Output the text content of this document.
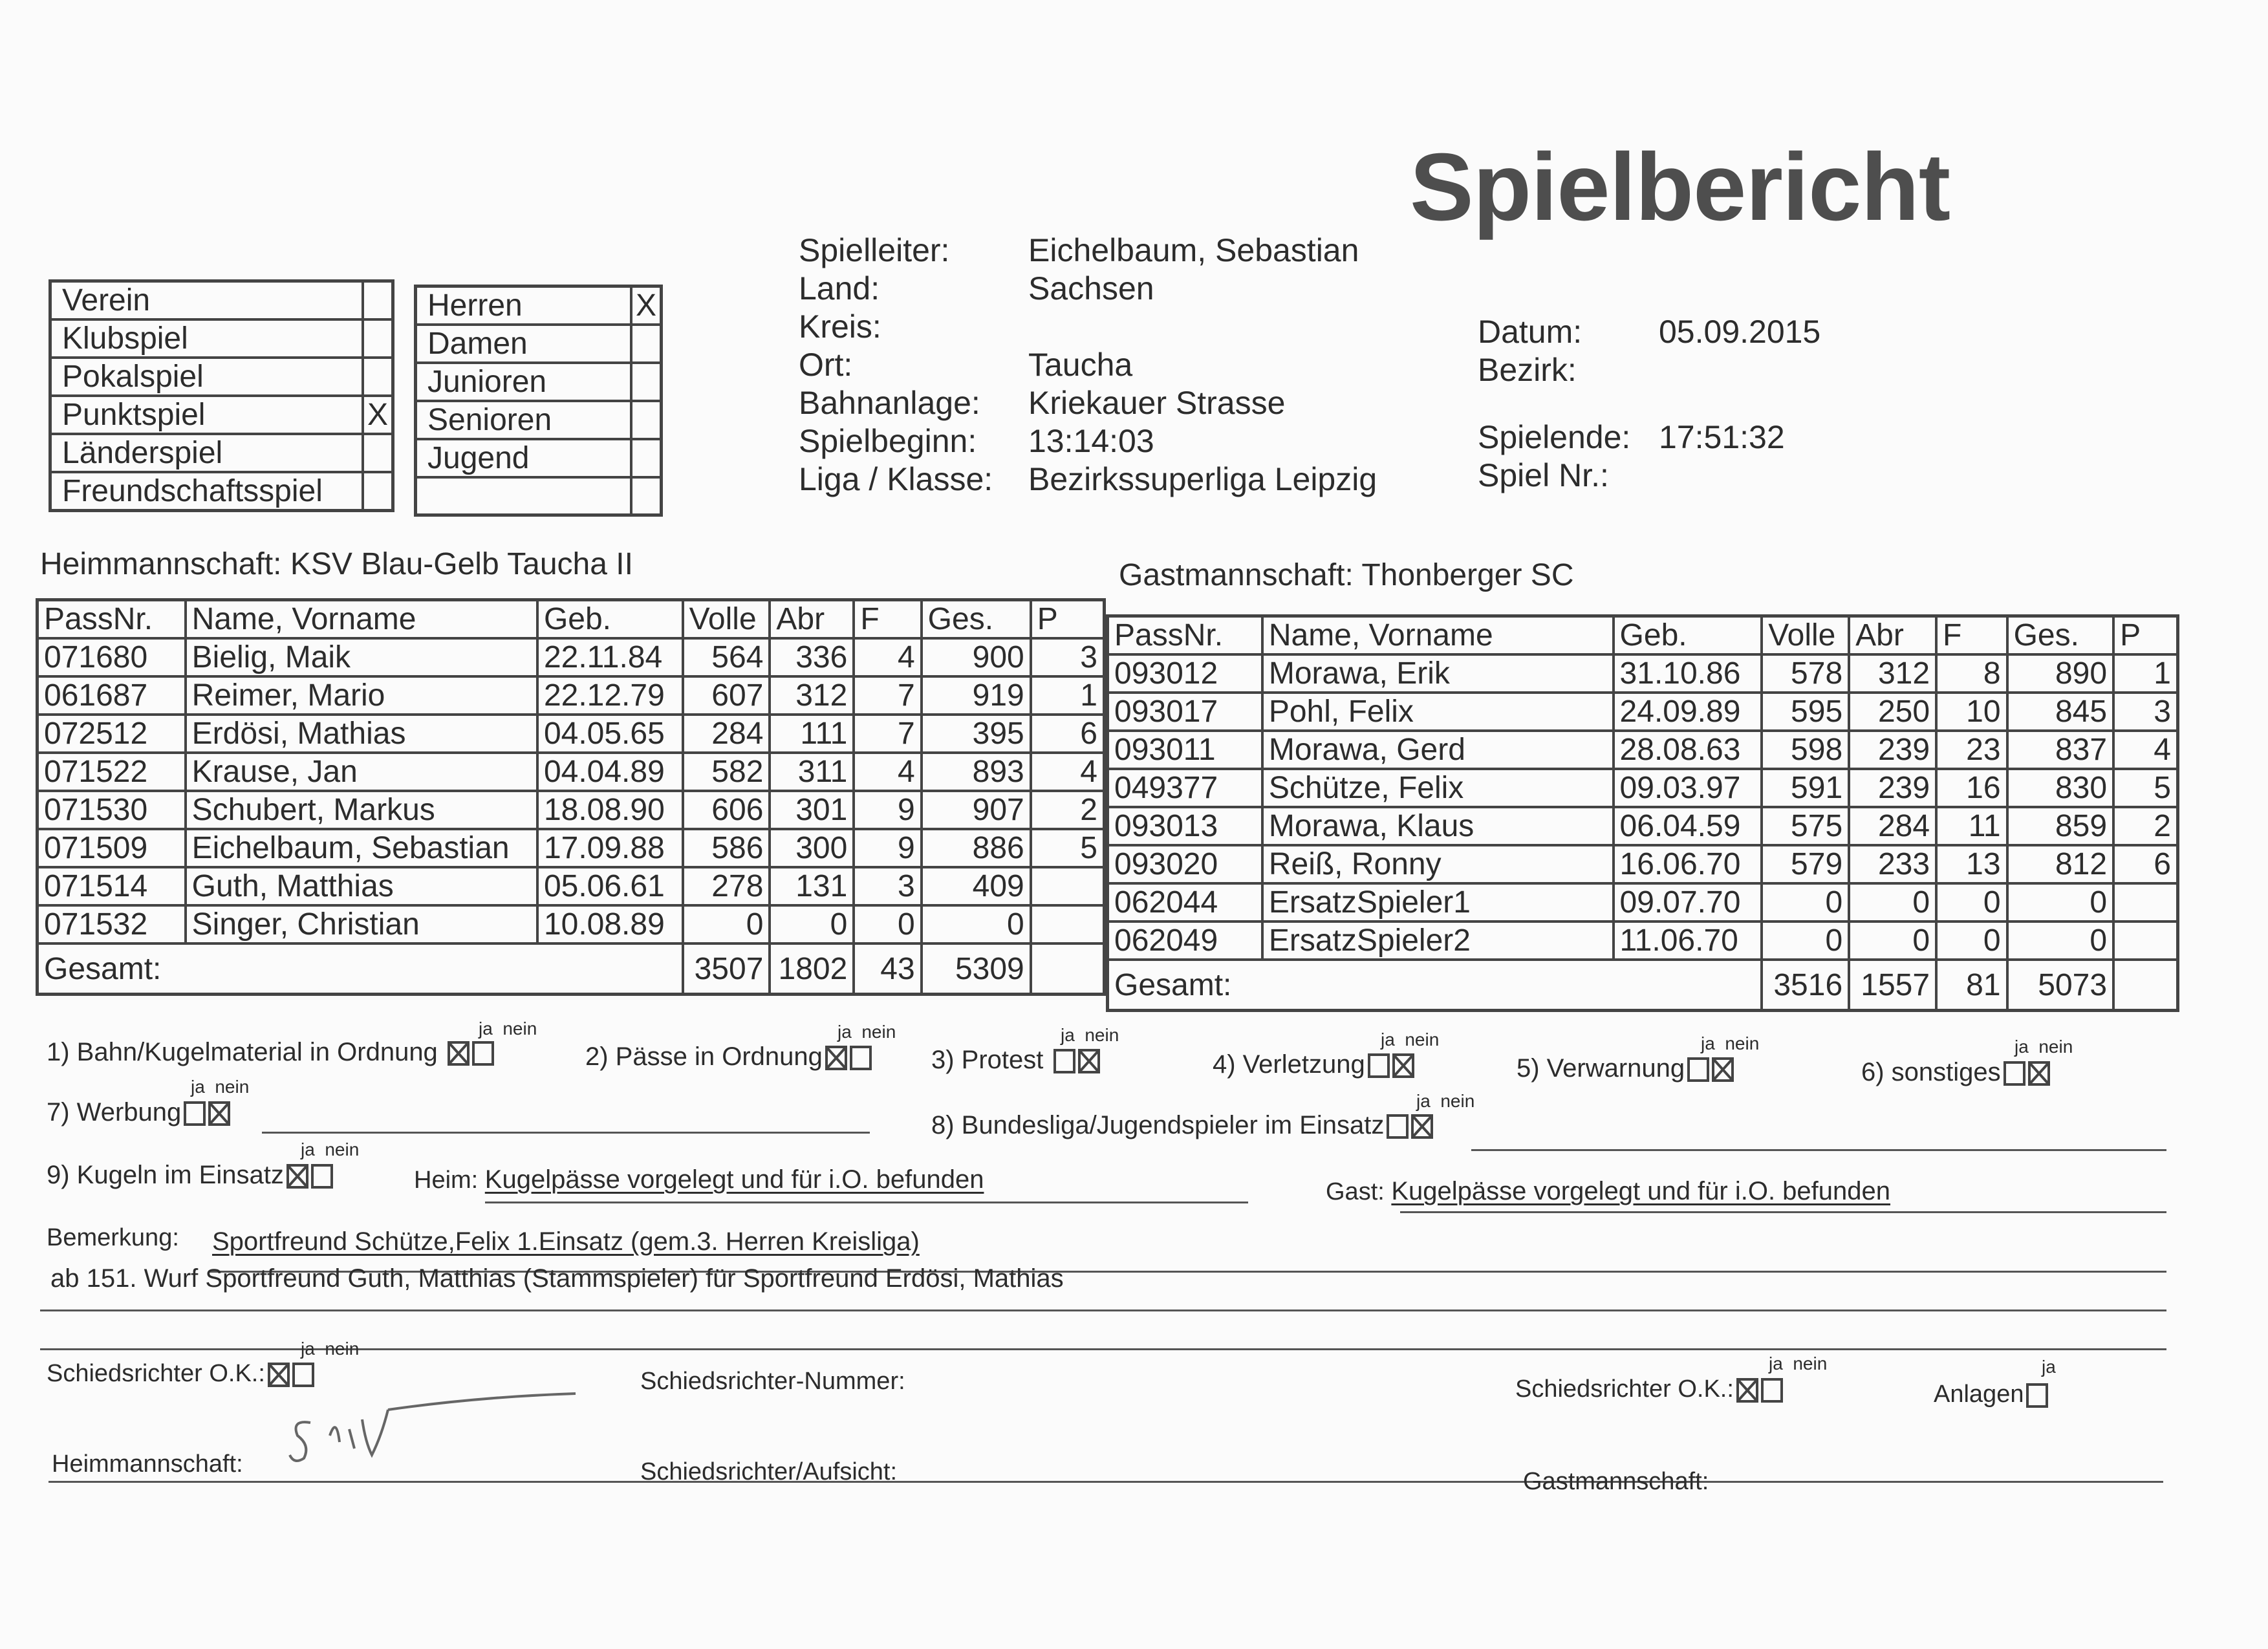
Spielbericht
Verein	
Klubspiel	
Pokalspiel	
Punktspiel	X
Länderspiel	
Freundschaftsspiel	
Herren	X
Damen	
Junioren	
Senioren	
Jugend	

Spielleiter:	Eichelbaum, Sebastian
Land:	Sachsen
Kreis:
Ort:	Taucha
Bahnanlage:	Kriekauer Strasse
Spielbeginn:	13:14:03
Liga / Klasse:	Bezirkssuperliga Leipzig
Datum:	05.09.2015
Bezirk:
Spielende: 17:51:32
Spiel Nr.:
Heimmannschaft: KSV Blau-Gelb Taucha II	Gastmannschaft: Thonberger SC
PassNr.	Name, Vorname	Geb.	Volle	Abr	F	Ges.	P
071680	Bielig, Maik	22.11.84	564	336	4	900	3
061687	Reimer, Mario	22.12.79	607	312	7	919	1
072512	Erdösi, Mathias	04.05.65	284	111	7	395	6
071522	Krause, Jan	04.04.89	582	311	4	893	4
071530	Schubert, Markus	18.08.90	606	301	9	907	2
071509	Eichelbaum, Sebastian	17.09.88	586	300	9	886	5
071514	Guth, Matthias	05.06.61	278	131	3	409	
071532	Singer, Christian	10.08.89	0	0	0	0	
Gesamt:			3507	1802	43	5309	
PassNr.	Name, Vorname	Geb.	Volle	Abr	F	Ges.	P
093012	Morawa, Erik	31.10.86	578	312	8	890	1
093017	Pohl, Felix	24.09.89	595	250	10	845	3
093011	Morawa, Gerd	28.08.63	598	239	23	837	4
049377	Schütze, Felix	09.03.97	591	239	16	830	5
093013	Morawa, Klaus	06.04.59	575	284	11	859	2
093020	Reiß, Ronny	16.06.70	579	233	13	812	6
062044	ErsatzSpieler1	09.07.70	0	0	0	0	
062049	ErsatzSpieler2	11.06.70	0	0	0	0	
Gesamt:			3516	1557	81	5073	
ja nein
1) Bahn/Kugelmaterial in Ordnung
ja nein
2) Pässe in Ordnung
ja nein
3) Protest
ja nein
4) Verletzung
ja nein
5) Verwarnung
ja nein
6) sonstiges
ja nein
7) Werbung	ja nein
8) Bundesliga/Jugendspieler im Einsatz
ja nein
9) Kugeln im Einsatz	Heim: Kugelpässe vorgelegt und für i.O. befunden	Gast: Kugelpässe vorgelegt und für i.O. befunden
Bemerkung: Sportfreund Schütze,Felix 1.Einsatz (gem.3. Herren Kreisliga)
ab 151. Wurf Sportfreund Guth, Matthias (Stammspieler) für Sportfreund Erdösi, Mathias
ja nein
Schiedsrichter O.K.:	Schiedsrichter-Nummer:
ja nein
Schiedsrichter O.K.:
ja
Anlagen
Heimmannschaft:	Schiedsrichter/Aufsicht:	Gastmannschaft:
